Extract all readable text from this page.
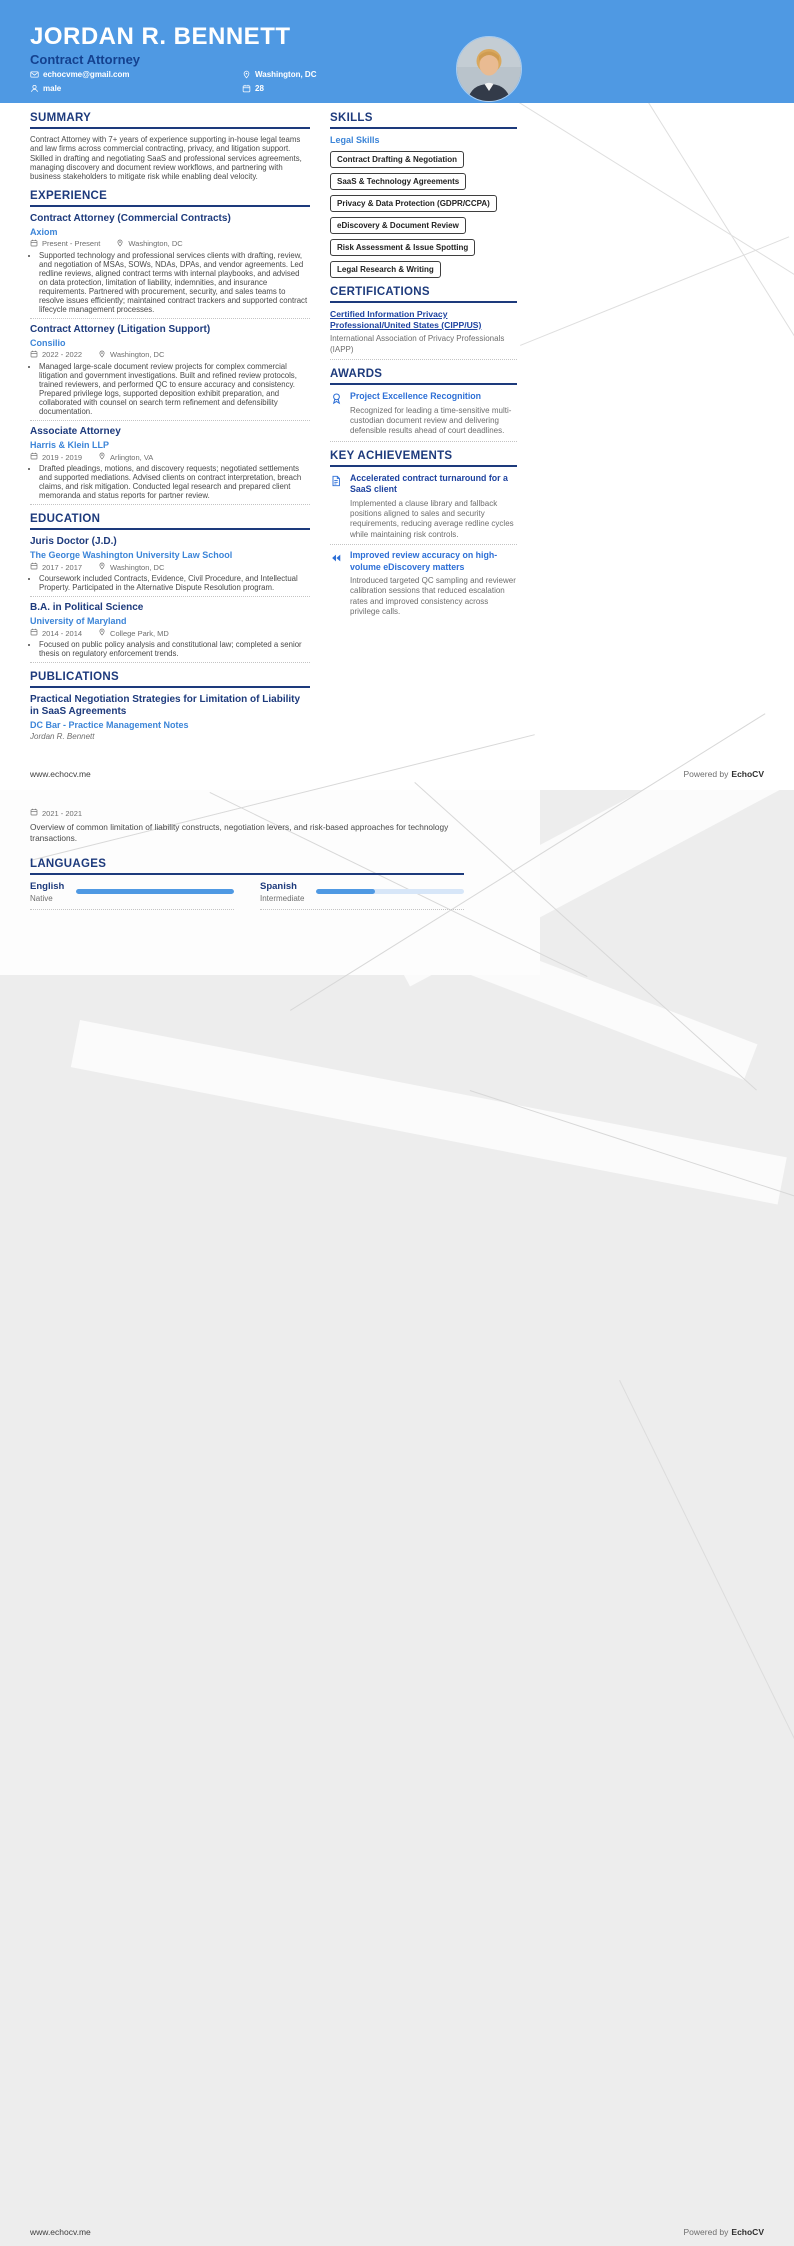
JORDAN R. BENNETT
Contract Attorney
echocvme@gmail.com	Washington, DC
male	28
SUMMARY

Contract Attorney with 7+ years of experience supporting in-house legal teams and law firms across commercial contracting, privacy, and litigation support. Skilled in drafting and negotiating SaaS and professional services agreements, managing discovery and document review workflows, and partnering with business stakeholders to mitigate risk while enabling deal velocity.

EXPERIENCE
Contract Attorney (Commercial Contracts)
Axiom
Present - Present	Washington, DC
• Supported technology and professional services clients with drafting, review, and negotiation of MSAs, SOWs, NDAs, DPAs, and vendor agreements. Led redline reviews, aligned contract terms with internal playbooks, and advised on data protection, limitation of liability, indemnities, and insurance requirements. Partnered with procurement, security, and sales teams to resolve issues efficiently; maintained contract trackers and supported contract lifecycle management processes.
Contract Attorney (Litigation Support)
Consilio
2022 - 2022	Washington, DC
• Managed large-scale document review projects for complex commercial litigation and government investigations. Built and refined review protocols, trained reviewers, and performed QC to ensure accuracy and consistency. Prepared privilege logs, supported deposition exhibit preparation, and collaborated with counsel on search term refinement and defensibility documentation.
Associate Attorney
Harris & Klein LLP
2019 - 2019	Arlington, VA
• Drafted pleadings, motions, and discovery requests; negotiated settlements and supported mediations. Advised clients on contract interpretation, breach claims, and risk mitigation. Conducted legal research and prepared client memoranda and status reports for partner review.
EDUCATION
Juris Doctor (J.D.)
The George Washington University Law School
2017 - 2017	Washington, DC
• Coursework included Contracts, Evidence, Civil Procedure, and Intellectual Property. Participated in the Alternative Dispute Resolution program.
B.A. in Political Science
University of Maryland
2014 - 2014	College Park, MD
• Focused on public policy analysis and constitutional law; completed a senior thesis on regulatory enforcement trends.
PUBLICATIONS
Practical Negotiation Strategies for Limitation of Liability in SaaS Agreements
DC Bar - Practice Management Notes
Jordan R. Bennett
SKILLS
Legal Skills
Contract Drafting & Negotiation
SaaS & Technology Agreements
Privacy & Data Protection (GDPR/CCPA)
eDiscovery & Document Review
Risk Assessment & Issue Spotting
Legal Research & Writing
CERTIFICATIONS
Certified Information Privacy Professional/United States (CIPP/US)
International Association of Privacy Professionals (IAPP)
AWARDS
Project Excellence Recognition
Recognized for leading a time-sensitive multi-custodian document review and delivering defensible results ahead of court deadlines.
KEY ACHIEVEMENTS
Accelerated contract turnaround for a SaaS client
Implemented a clause library and fallback positions aligned to sales and security requirements, reducing average redline cycles while maintaining risk controls.
Improved review accuracy on high-volume eDiscovery matters
Introduced targeted QC sampling and reviewer calibration sessions that reduced escalation rates and improved consistency across privilege calls.
www.echocv.me	Powered by EchoCV
2021 - 2021

Overview of common limitation of liability constructs, negotiation levers, and risk-based approaches for technology transactions.

LANGUAGES
English
Native
Spanish
Intermediate
www.echocv.me	Powered by EchoCV
